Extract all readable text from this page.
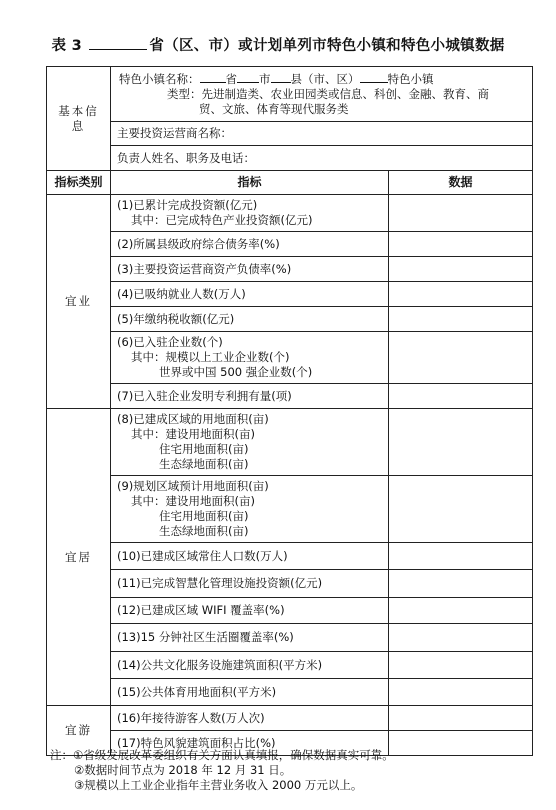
表 3	省（区、市）或计划单列市特色小镇和特色小城镇数据
基本信息	特色小镇名称： 省 市 县（市、区） 特色小镇
类型：先进制造类、农业田园类或信息、科创、金融、教育、商
贸、文旅、体育等现代服务类	

	主要投资运营商名称：	
	负责人姓名、职务及电话：	
指标类别	指标	数据
宜业	(1)已累计完成投资额(亿元)
其中：已完成特色产业投资额(亿元)	

	(2)所属县级政府综合债务率(%)	

	(3)主要投资运营商资产负债率(%)	

	(4)已吸纳就业人数(万人)	

	(5)年缴纳税收额(亿元)	

	(6)已入驻企业数(个)
其中：规模以上工业企业数(个)
世界或中国 500 强企业数(个)	

	(7)已入驻企业发明专利拥有量(项)	

宜居	(8)已建成区域的用地面积(亩)
其中：建设用地面积(亩)
住宅用地面积(亩)
生态绿地面积(亩)	

	(9)规划区域预计用地面积(亩)
其中：建设用地面积(亩)
住宅用地面积(亩)
生态绿地面积(亩)	

	(10)已建成区域常住人口数(万人)	

	(11)已完成智慧化管理设施投资额(亿元)	

	(12)已建成区域 WIFI 覆盖率(%)	

	(13)15 分钟社区生活圈覆盖率(%)	

	(14)公共文化服务设施建筑面积(平方米)	

	(15)公共体育用地面积(平方米)	

宜游	(16)年接待游客人数(万人次)	

	(17)特色风貌建筑面积占比(%)	

注：①省级发展改革委组织有关方面认真填报，确保数据真实可靠。
②数据时间节点为 2018 年 12 月 31 日。
③规模以上工业企业指年主营业务收入 2000 万元以上。
